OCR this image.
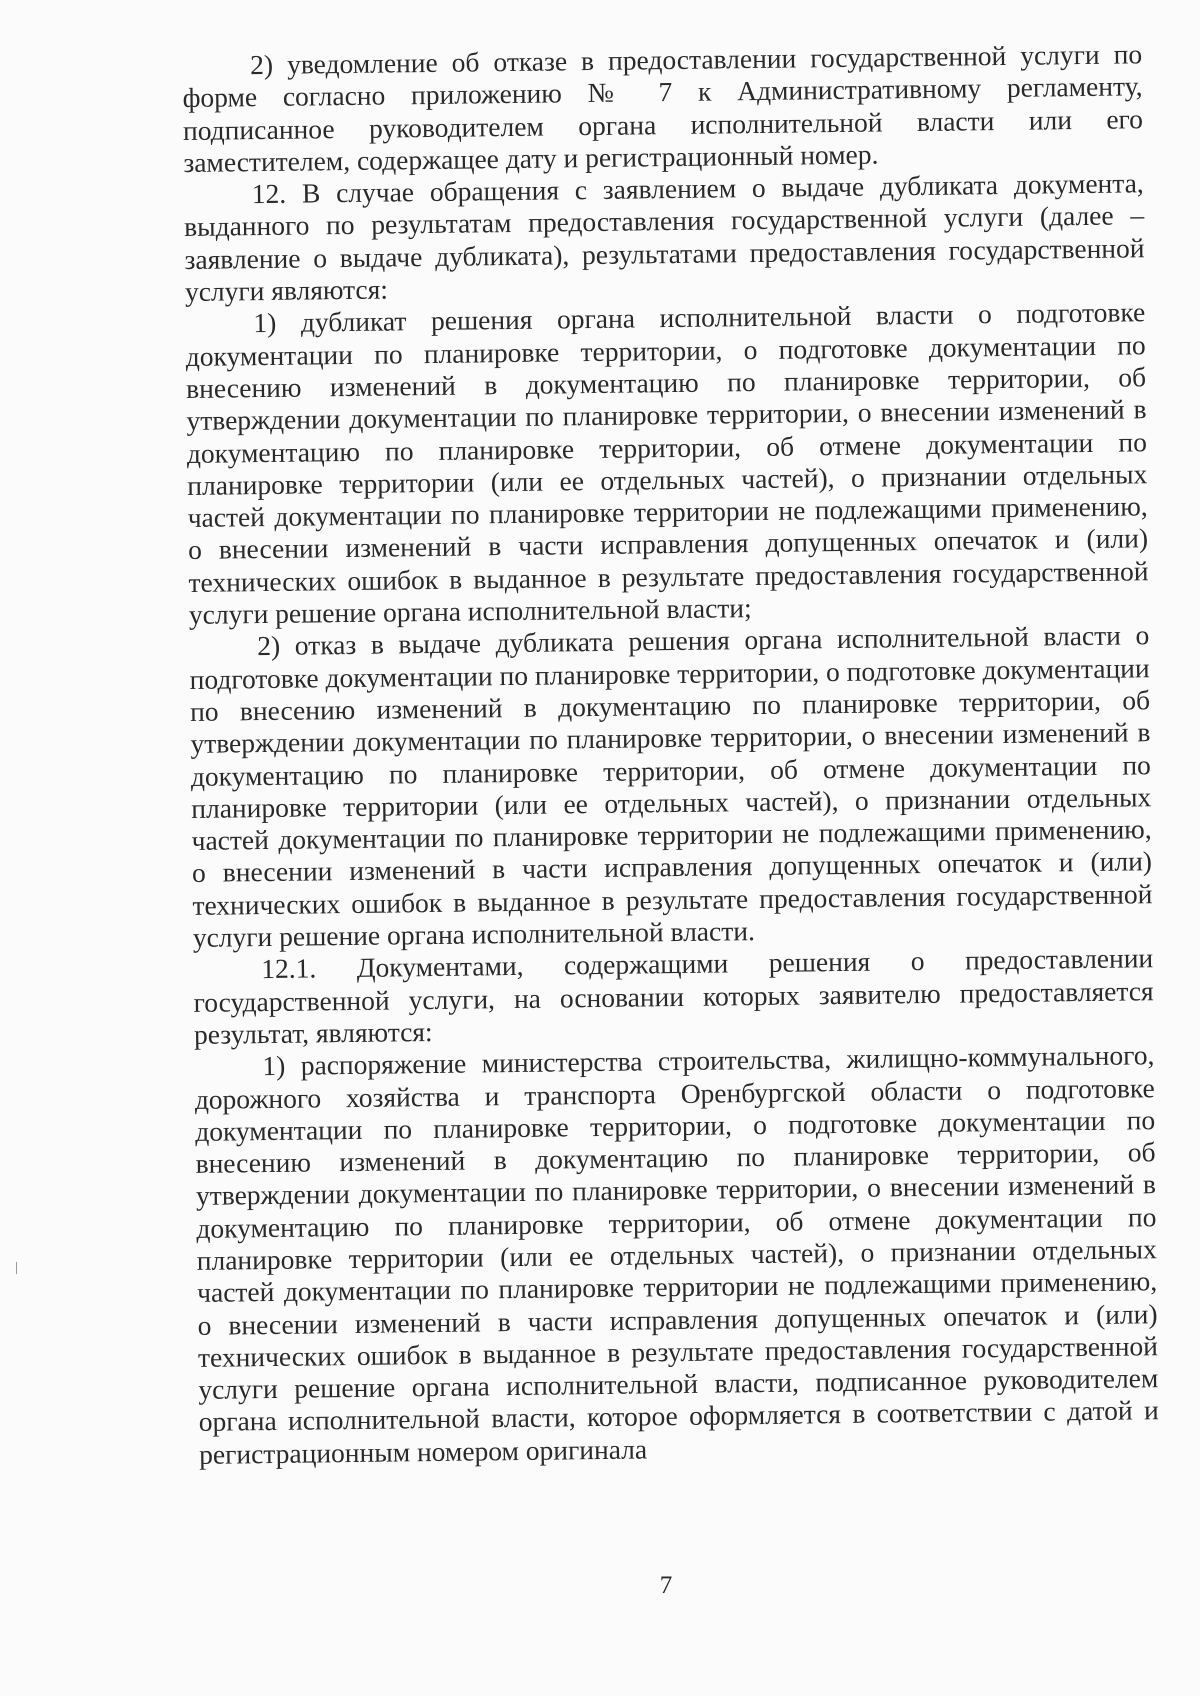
2) уведомление об отказе в предоставлении государственной услуги по форме согласно приложению № 7 к Административному регламенту, подписанное руководителем органа исполнительной власти или его заместителем, содержащее дату и регистрационный номер.

12. В случае обращения с заявлением о выдаче дубликата документа, выданного по результатам предоставления государственной услуги (далее – заявление о выдаче дубликата), результатами предоставления государственной услуги являются:

1) дубликат решения органа исполнительной власти о подготовке документации по планировке территории, о подготовке документации по внесению изменений в документацию по планировке территории, об утверждении документации по планировке территории, о внесении изменений в документацию по планировке территории, об отмене документации по планировке территории (или ее отдельных частей), о признании отдельных частей документации по планировке территории не подлежащими применению, о внесении изменений в части исправления допущенных опечаток и (или) технических ошибок в выданное в результате предоставления государственной услуги решение органа исполнительной власти;

2) отказ в выдаче дубликата решения органа исполнительной власти о подготовке документации по планировке территории, о подготовке документации по внесению изменений в документацию по планировке территории, об утверждении документации по планировке территории, о внесении изменений в документацию по планировке территории, об отмене документации по планировке территории (или ее отдельных частей), о признании отдельных частей документации по планировке территории не подлежащими применению, о внесении изменений в части исправления допущенных опечаток и (или) технических ошибок в выданное в результате предоставления государственной услуги решение органа исполнительной власти.

12.1. Документами, содержащими решения о предоставлении государственной услуги, на основании которых заявителю предоставляется результат, являются:

1) распоряжение министерства строительства, жилищно-коммунального, дорожного хозяйства и транспорта Оренбургской области о подготовке документации по планировке территории, о подготовке документации по внесению изменений в документацию по планировке территории, об утверждении документации по планировке территории, о внесении изменений в документацию по планировке территории, об отмене документации по планировке территории (или ее отдельных частей), о признании отдельных частей документации по планировке территории не подлежащими применению, о внесении изменений в части исправления допущенных опечаток и (или) технических ошибок в выданное в результате предоставления государственной услуги решение органа исполнительной власти, подписанное руководителем органа исполнительной власти, которое оформляется в соответствии с датой и регистрационным номером оригинала

7
